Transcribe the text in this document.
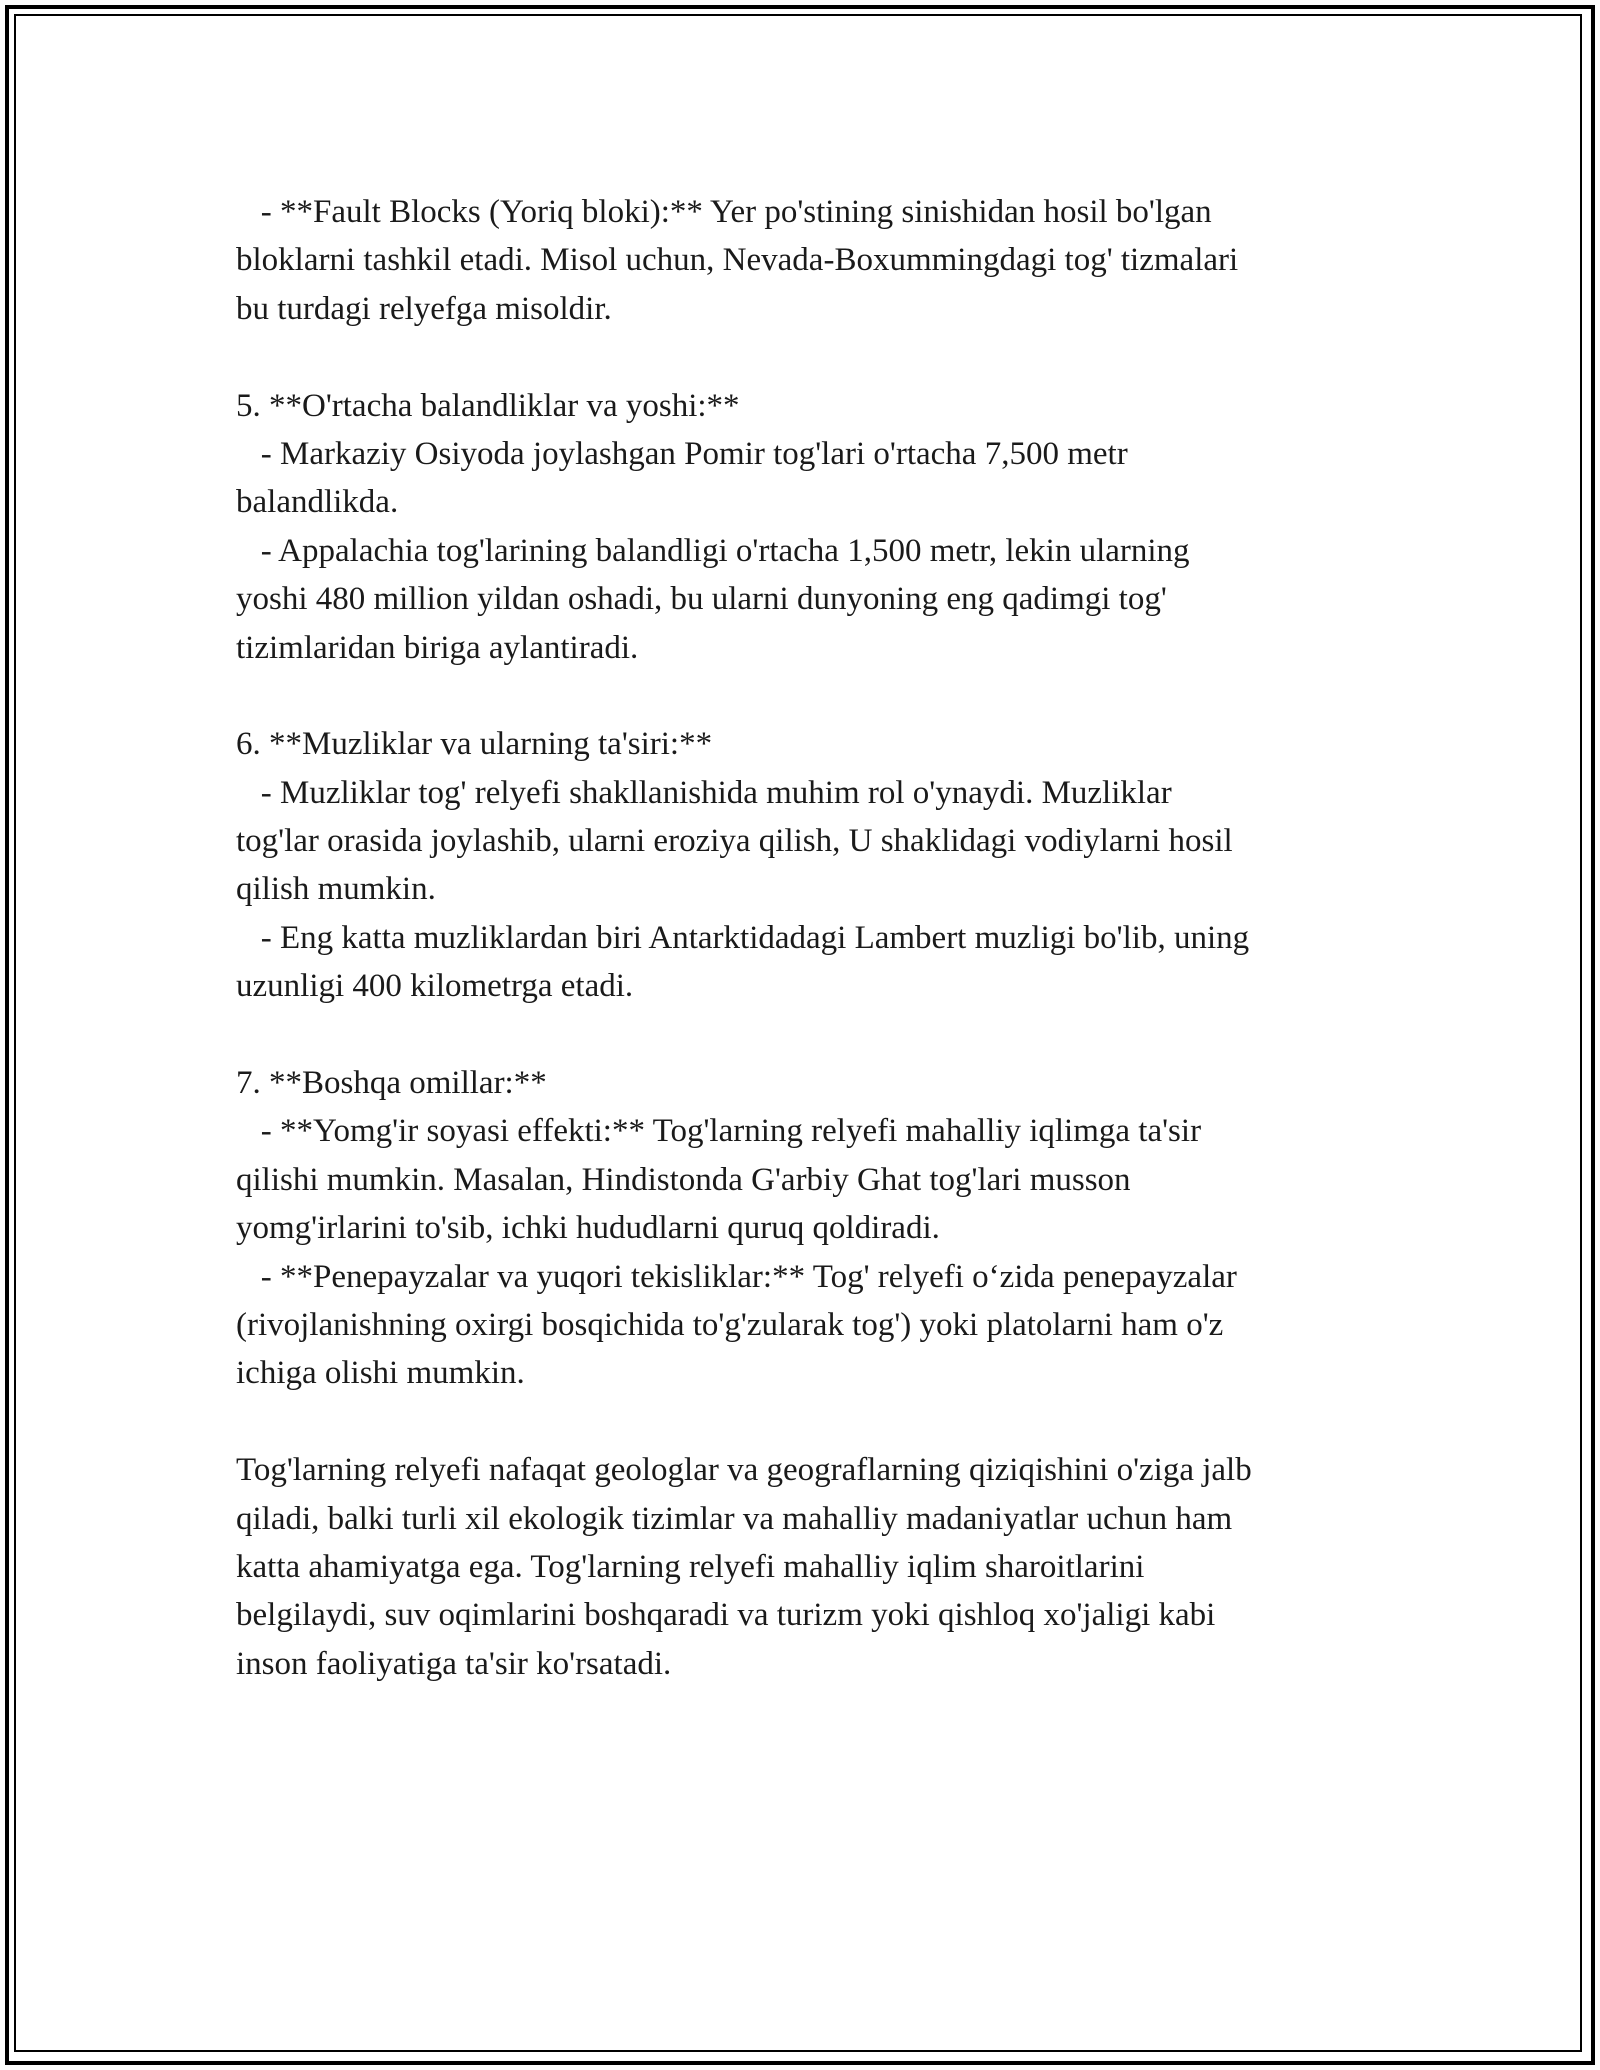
- **Fault Blocks (Yoriq bloki):** Yer po'stining sinishidan hosil bo'lgan
bloklarni tashkil etadi. Misol uchun, Nevada-Boxummingdagi tog' tizmalari
bu turdagi relyefga misoldir.
5. **O'rtacha balandliklar va yoshi:**
- Markaziy Osiyoda joylashgan Pomir tog'lari o'rtacha 7,500 metr
balandlikda.
- Appalachia tog'larining balandligi o'rtacha 1,500 metr, lekin ularning
yoshi 480 million yildan oshadi, bu ularni dunyoning eng qadimgi tog'
tizimlaridan biriga aylantiradi.
6. **Muzliklar va ularning ta'siri:**
- Muzliklar tog' relyefi shakllanishida muhim rol o'ynaydi. Muzliklar
tog'lar orasida joylashib, ularni eroziya qilish, U shaklidagi vodiylarni hosil
qilish mumkin.
- Eng katta muzliklardan biri Antarktidadagi Lambert muzligi bo'lib, uning
uzunligi 400 kilometrga etadi.
7. **Boshqa omillar:**
- **Yomg'ir soyasi effekti:** Tog'larning relyefi mahalliy iqlimga ta'sir
qilishi mumkin. Masalan, Hindistonda G'arbiy Ghat tog'lari musson
yomg'irlarini to'sib, ichki hududlarni quruq qoldiradi.
- **Penepayzalar va yuqori tekisliklar:** Tog' relyefi o‘zida penepayzalar
(rivojlanishning oxirgi bosqichida to'g'zularak tog') yoki platolarni ham o'z
ichiga olishi mumkin.
Tog'larning relyefi nafaqat geologlar va geograflarning qiziqishini o'ziga jalb
qiladi, balki turli xil ekologik tizimlar va mahalliy madaniyatlar uchun ham
katta ahamiyatga ega. Tog'larning relyefi mahalliy iqlim sharoitlarini
belgilaydi, suv oqimlarini boshqaradi va turizm yoki qishloq xo'jaligi kabi
inson faoliyatiga ta'sir ko'rsatadi.
